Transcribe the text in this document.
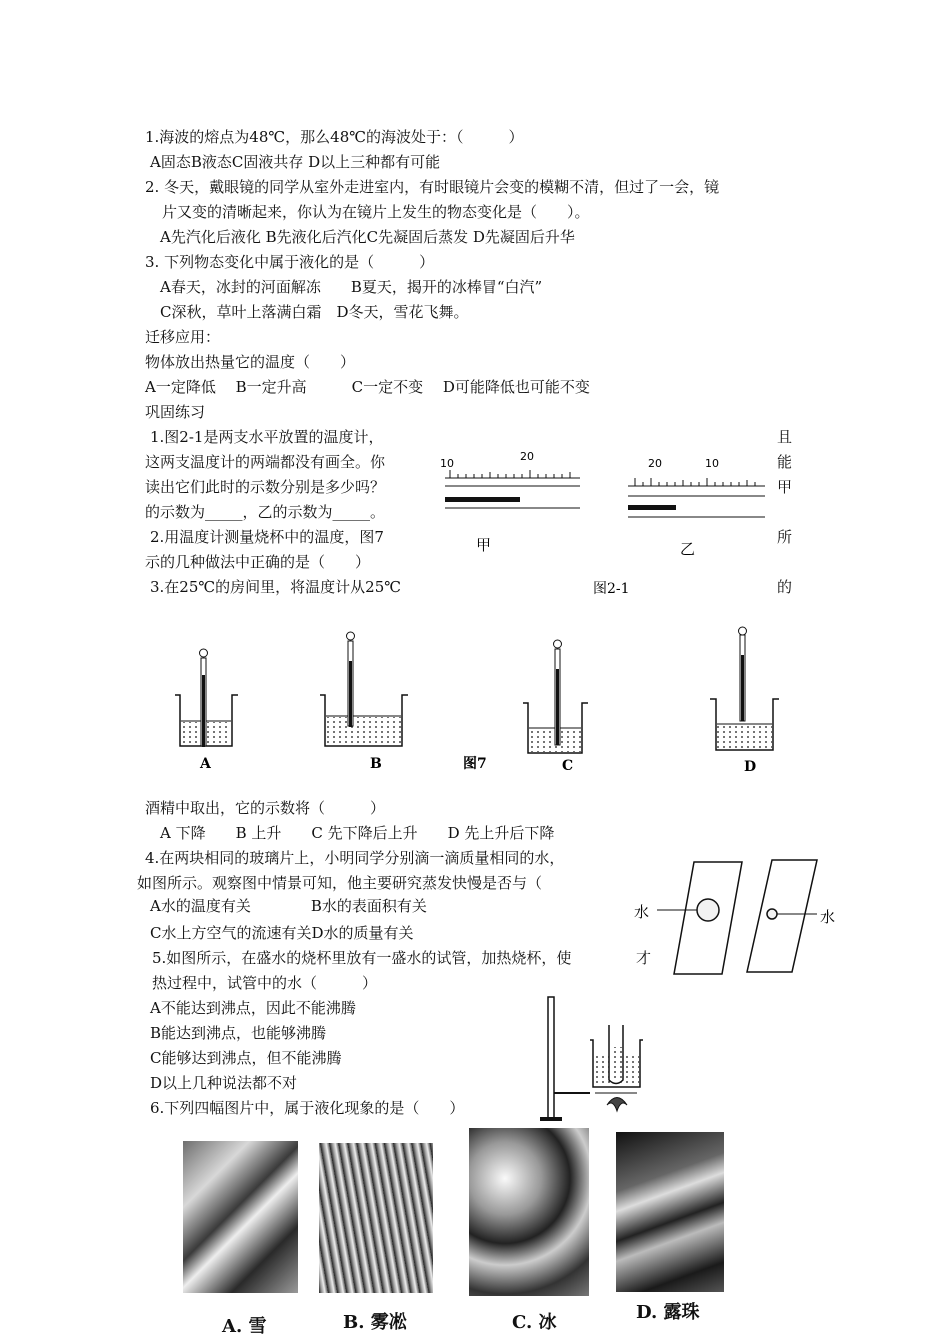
1.海波的熔点为48℃，那么48℃的海波处于：（　　　）
A固态B液态C固液共存 D以上三种都有可能
2. 冬天，戴眼镜的同学从室外走进室内，有时眼镜片会变的模糊不清，但过了一会，镜
片又变的清晰起来，你认为在镜片上发生的物态变化是（　　）。
A先汽化后液化 B先液化后汽化C先凝固后蒸发 D先凝固后升华
3. 下列物态变化中属于液化的是（　　　）
A春天，冰封的河面解冻　　B夏天，揭开的冰棒冒“白汽”
C深秋，草叶上落满白霜　D冬天，雪花飞舞。
迁移应用：
物体放出热量它的温度（　　）
A一定降低　 B一定升高　　　C一定不变　 D可能降低也可能不变
巩固练习
1.图2-1是两支水平放置的温度计，	且
这两支温度计的两端都没有画全。你	能
读出它们此时的示数分别是多少吗？	甲
的示数为_____，乙的示数为_____。
2.用温度计测量烧杯中的温度，图7	所
示的几种做法中正确的是（　　）
3.在25℃的房间里，将温度计从25℃	的
10
20
甲
20	10
乙
图2-1
A	B	图7	C	D
酒精中取出，它的示数将（　　　）
A 下降　　B 上升　　C 先下降后上升　　D 先上升后下降
4.在两块相同的玻璃片上，小明同学分别滴一滴质量相同的水，
如图所示。观察图中情景可知，他主要研究蒸发快慢是否与（
A水的温度有关　　　　B水的表面积有关
C水上方空气的流速有关D水的质量有关
水	水
5.如图所示，在盛水的烧杯里放有一盛水的试管，加热烧杯，使	才
热过程中，试管中的水（　　　）
A不能达到沸点，因此不能沸腾
B能达到沸点，也能够沸腾
C能够达到沸点，但不能沸腾
D以上几种说法都不对
6.下列四幅图片中，属于液化现象的是（　　）
A. 雪	B. 雾凇	C. 冰	D. 露珠
